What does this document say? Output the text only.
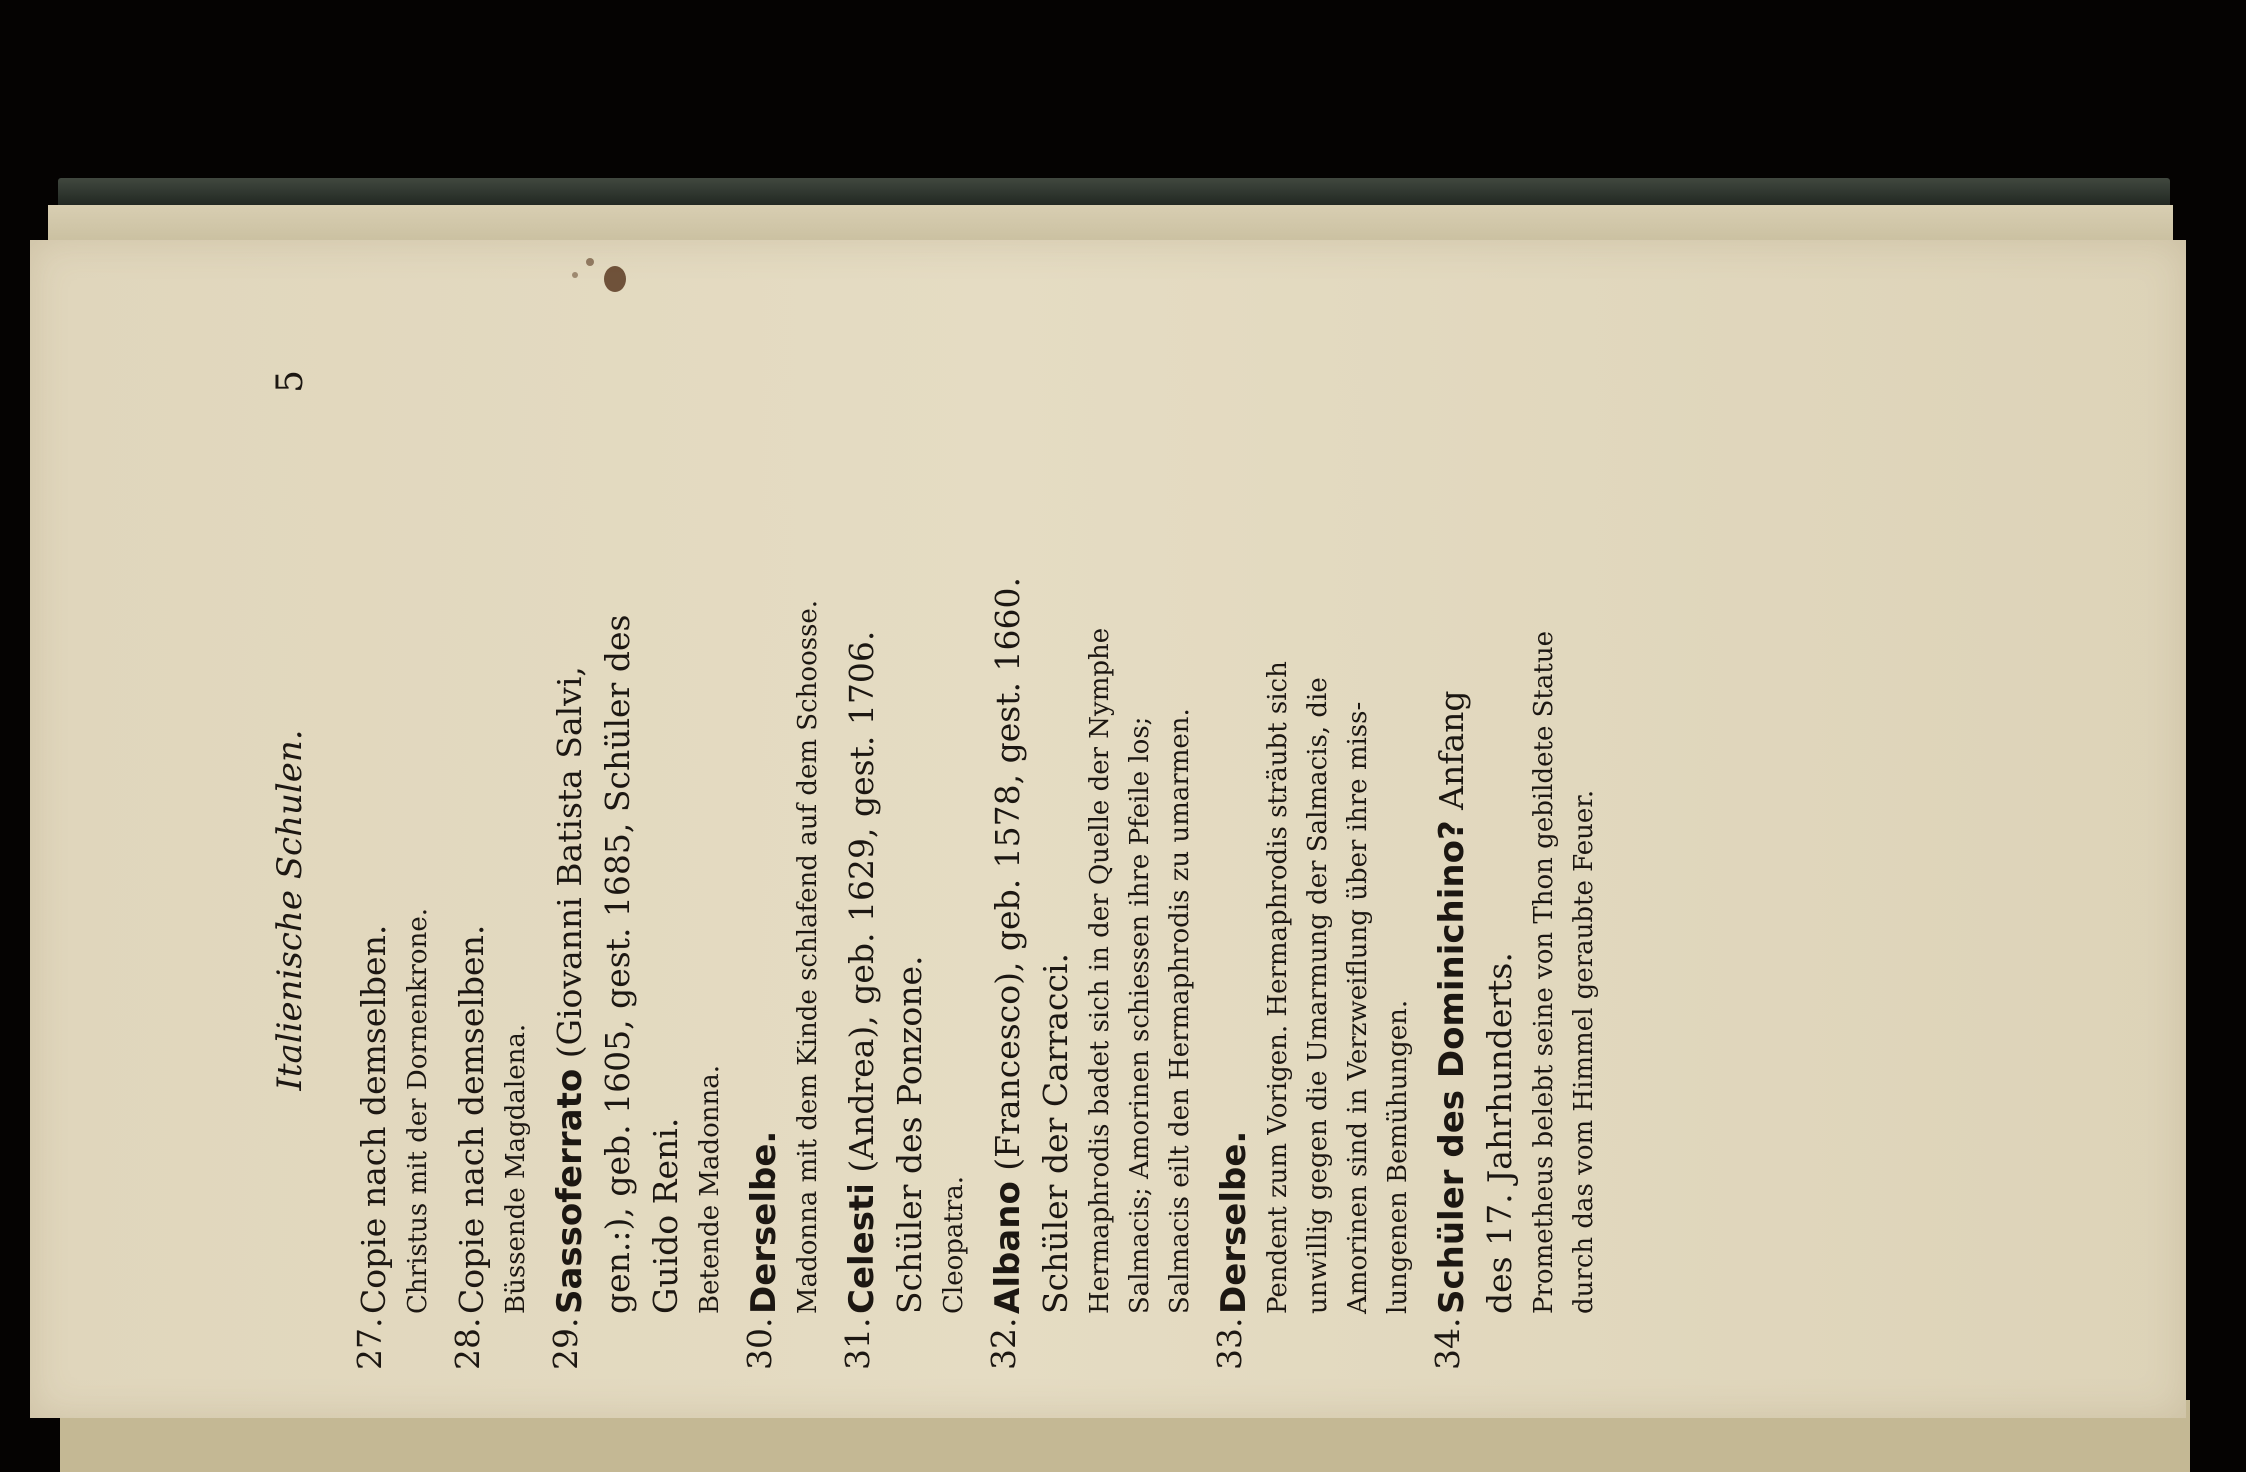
Italienische Schulen.
5
27.
Copie nach demselben. Christus mit der Dornenkrone.
28.
Copie nach demselben. Büssende Magdalena.
29.
Sassoferrato (Giovanni Batista Salvi, gen.:), geb. 1605, gest. 1685, Schüler des Guido Reni. Betende Madonna.
30.
Derselbe. Madonna mit dem Kinde schlafend auf dem Schoosse.
31.
Celesti (Andrea), geb. 1629, gest. 1706. Schüler des Ponzone. Cleopatra.
32.
Albano (Francesco), geb. 1578, gest. 1660. Schüler der Carracci. Hermaphrodis badet sich in der Quelle der Nymphe Salmacis; Amorinen schiessen ihre Pfeile los; Salmacis eilt den Hermaphrodis zu umarmen.
33.
Derselbe. Pendent zum Vorigen. Hermaphrodis sträubt sich unwillig gegen die Umarmung der Salmacis, die Amorinen sind in Verzweiflung über ihre miss- lungenen Bemühungen.
34.
Schüler des Dominichino? Anfang
des 17. Jahrhunderts. Prometheus belebt seine von Thon gebildete Statue durch das vom Himmel geraubte Feuer.
